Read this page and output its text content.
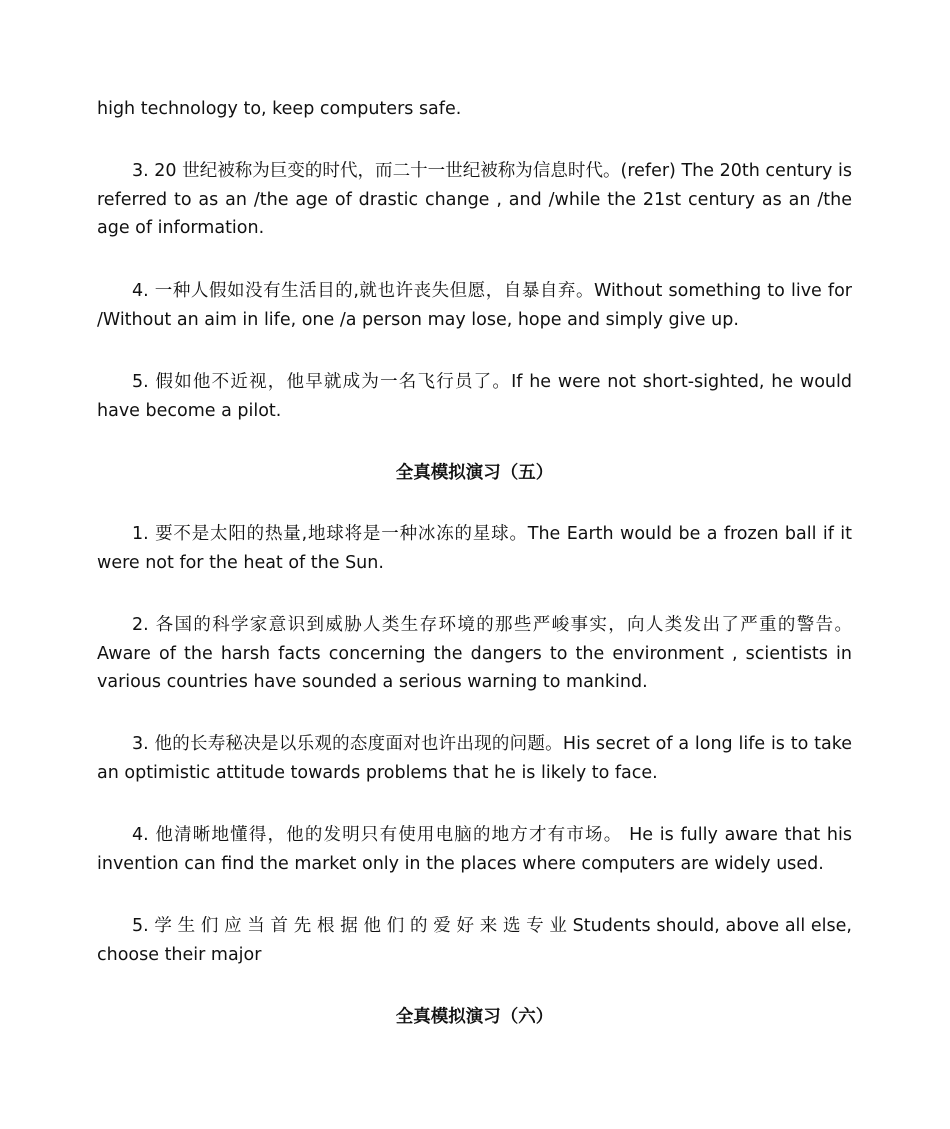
high technology to, keep computers safe.

3. 20 世纪被称为巨变的时代，而二十一世纪被称为信息时代。(refer) The 20th century is referred to as an /the age of drastic change , and /while the 21st century as an /the age of information.

4. 一种人假如没有生活目的,就也许丧失但愿，自暴自弃。Without something to live for /Without an aim in life, one /a person may lose, hope and simply give up.

5. 假如他不近视，他早就成为一名飞行员了。If he were not short-sighted, he would have become a pilot.

全真模拟演习（五）

1. 要不是太阳的热量,地球将是一种冰冻的星球。The Earth would be a frozen ball if it were not for the heat of the Sun.

2. 各国的科学家意识到威胁人类生存环境的那些严峻事实，向人类发出了严重的警告。Aware of the harsh facts concerning the dangers to the environment , scientists in various countries have sounded a serious warning to mankind.

3. 他的长寿秘决是以乐观的态度面对也许出现的问题。His secret of a long life is to take an optimistic attitude towards problems that he is likely to face.

4. 他清晰地懂得，他的发明只有使用电脑的地方才有市场。 He is fully aware that his invention can find the market only in the places where computers are widely used.

5. 学 生 们 应 当 首 先 根 据 他 们 的 爱 好 来 选 专 业 Students should, above all else, choose their major

全真模拟演习（六）
